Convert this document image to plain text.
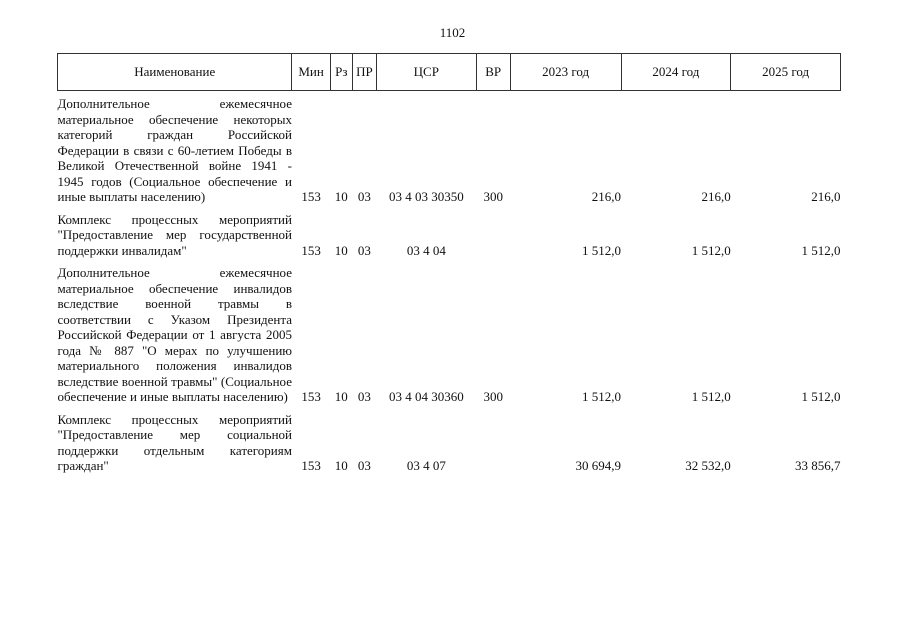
1102
Наименование	Мин	Рз	ПР	ЦСР	ВР	2023 год	2024 год	2025 год

Дополнительное ежемесячное материальное обеспечение некоторых категорий граждан Российской Федерации в связи с 60-летием Победы в Великой Отечественной войне 1941 - 1945 годов (Социальное обеспечение и иные выплаты населению)	153	10	03	03 4 03 30350	300	216,0	216,0	216,0

Комплекс процессных мероприятий "Предоставление мер государственной поддержки инвалидам"	153	10	03	03 4 04		1 512,0	1 512,0	1 512,0

Дополнительное ежемесячное материальное обеспечение инвалидов вследствие военной травмы в соответствии с Указом Президента Российской Федерации от 1 августа 2005 года № 887 "О мерах по улучшению материального положения инвалидов вследствие военной травмы" (Социальное обеспечение и иные выплаты населению)	153	10	03	03 4 04 30360	300	1 512,0	1 512,0	1 512,0

Комплекс процессных мероприятий "Предоставление мер социальной поддержки отдельным категориям граждан"	153	10	03	03 4 07		30 694,9	32 532,0	33 856,7
